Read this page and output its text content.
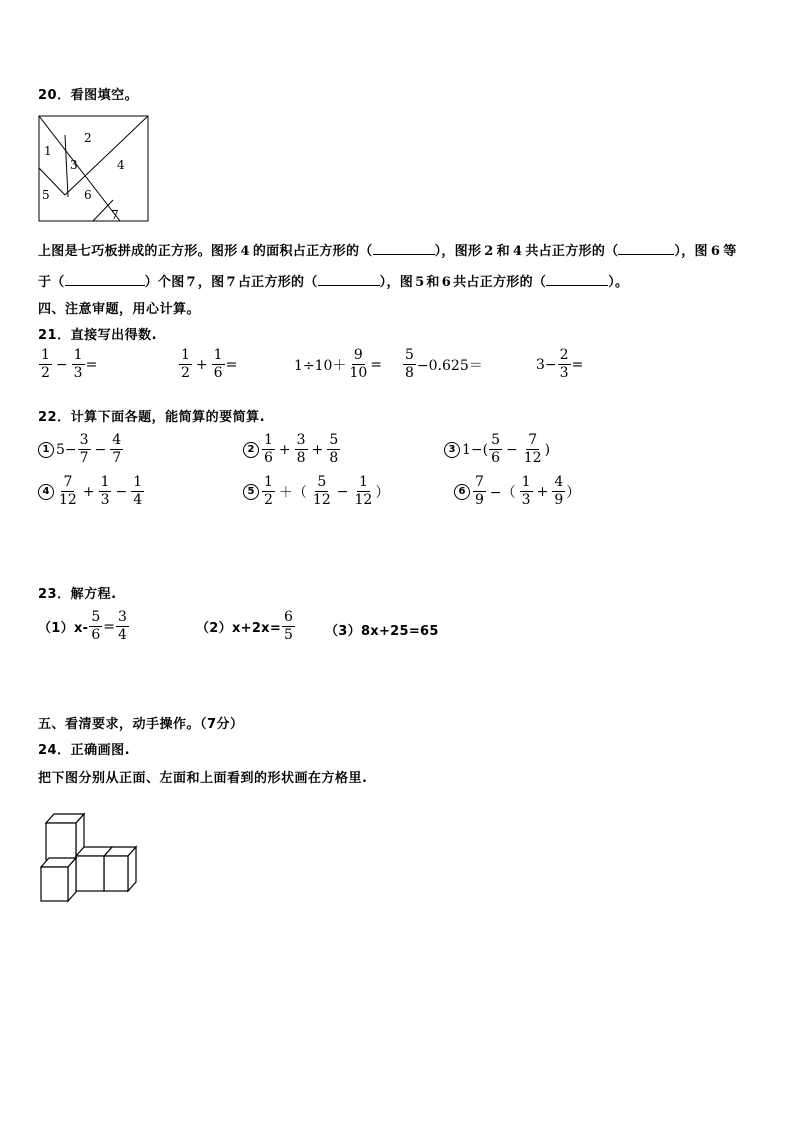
20．看图填空。
1
2
3	4
5	6
7
上图是七巧板拼成的正方形。图形 4 的面积占正方形的（	），图形 2 和 4 共占正方形的（	），图 6 等
于（	）个图 7 ，图 7 占正方形的（	），图 5 和 6 共占正方形的（	）。
四、注意审题，用心计算。
21．直接写出得数.
$\frac{1}{2} - \frac{1}{3}$ =	$\frac{1}{2} + \frac{1}{6}$ =	$1\div 10+ \frac{9}{10} = \frac{5}{8} -0.625=$	$3- \frac{2}{3}$ =
22．计算下面各题，能简算的要简算.
1 $5- \frac{3}{7} - \frac{4}{7}$	$2 \frac{1}{6} + \frac{3}{8} + \frac{5}{8}$	3 $1-( \frac{5}{6} - \frac{7}{12}$ )
$4 \frac{7}{12} + \frac{1}{3} - \frac{1}{4}$	$5 \frac{1}{2}$ ＋（ $\frac{5}{12} - \frac{1}{12}$ ）	$6 \frac{7}{9}$ −（ $\frac{1}{3} + \frac{4}{9}$ ）
23．解方程.
$(1)x- \frac{5}{6} = \frac{3}{4}$	$(2)x+2x= \frac{6}{5} (3)8x+25=65$
五、看清要求，动手操作。（7分）
24．正确画图.
把下图分别从正面、左面和上面看到的形状画在方格里.
